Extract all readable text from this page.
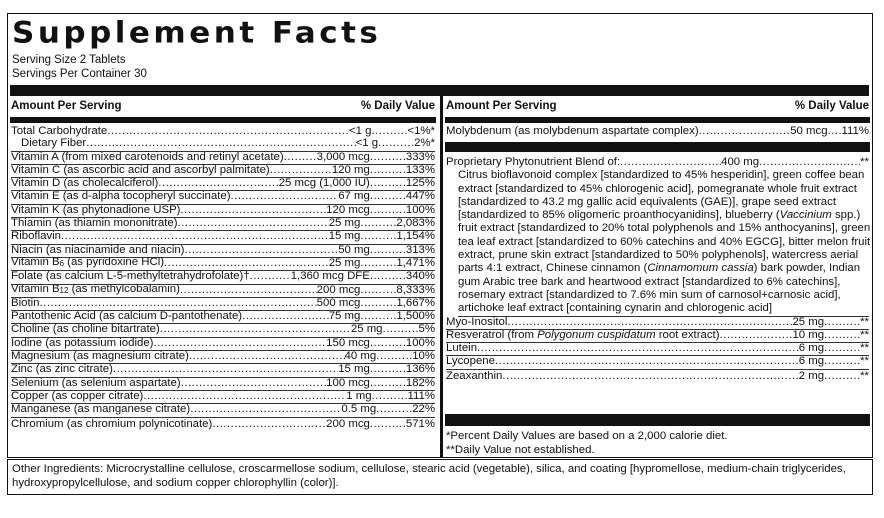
Supplement Facts
Serving Size 2 Tablets
Servings Per Container 30
Amount Per Serving	% Daily Value
Total Carbohydrate .....	<1 g .....	<1%*
Dietary Fiber .....	<1 g .....	2%*
Vitamin A (from mixed carotenoids and retinyl acetate) .....	3,000 mcg .....	333%
Vitamin C (as ascorbic acid and ascorbyl palmitate) .....	120 mg .....	133%
Vitamin D (as cholecalciferol) .....	25 mcg (1,000 IU) .....	125%
Vitamin E (as d-alpha tocopheryl succinate) .....	67 mg .....	447%
Vitamin K (as phytonadione USP) .....	120 mcg .....	100%
Thiamin (as thiamin mononitrate) .....	25 mg .....	2,083%
Riboflavin .....	15 mg .....	1,154%
Niacin (as niacinamide and niacin) .....	50 mg .....	313%
Vitamin $B_6$ (as pyridoxine HCl) .....	25 mg .....	1,471%
Folate (as calcium L-5-methyltetrahydrofolate)† .....	1,360 mcg DFE .....	340%
Vitamin $B_{12}$ (as methylcobalamin) .....	200 mcg .....	8,333%
Biotin .....	500 mcg .....	1,667%
Pantothenic Acid (as calcium D-pantothenate) .....	75 mg .....	1,500%
Choline (as choline bitartrate) .....	25 mg .....	5%
Iodine (as potassium iodide) .....	150 mcg .....	100%
Magnesium (as magnesium citrate) .....	40 mg .....	10%
Zinc (as zinc citrate) .....	15 mg .....	136%
Selenium (as selenium aspartate) .....	100 mcg .....	182%
Copper (as copper citrate) .....	1 mg .....	111%
Manganese (as manganese citrate) .....	0.5 mg .....	22%
Chromium (as chromium polynicotinate) .....	200 mcg .....	571%
Amount Per Serving	% Daily Value
Molybdenum (as molybdenum aspartate complex) .....	50 mcg ..... 111%
Proprietary Phytonutrient Blend of: .....	400 mg .....	**
Citrus bioflavonoid complex [standardized to 45% hesperidin], green coffee bean
extract [standardized to 45% chlorogenic acid], pomegranate whole fruit extract
[standardized to 43.2 mg gallic acid equivalents (GAE)], grape seed extract
[standardized to 85% oligomeric proanthocyanidins], blueberry (Vaccinium spp.)
fruit extract [standardized to 20% total polyphenols and 15% anthocyanins], green
tea leaf extract [standardized to 60% catechins and 40% EGCG], bitter melon fruit
extract, prune skin extract [standardized to 50% polyphenols], watercress aerial
parts 4:1 extract, Chinese cinnamon (Cinnamomum cassia) bark powder, Indian
gum Arabic tree bark and heartwood extract [standardized to 6% catechins],
rosemary extract [standardized to 7.6% min sum of carnosol+carnosic acid],
artichoke leaf extract [containing cynarin and chlorogenic acid]
Myo-Inositol .....	25 mg .....	**
Resveratrol (from Polygonum cuspidatum root extract) .....	10 mg .....	**
Lutein .....	6 mg .....	**
Lycopene .....	6 mg .....	**
Zeaxanthin .....	2 mg .....	**
*Percent Daily Values are based on a 2,000 calorie diet.
**Daily Value not established.
Other Ingredients: Microcrystalline cellulose, croscarmellose sodium, cellulose, stearic acid (vegetable), silica, and coating [hypromellose, medium-chain triglycerides, hydroxypropylcellulose, and sodium copper chlorophyllin (color)].
